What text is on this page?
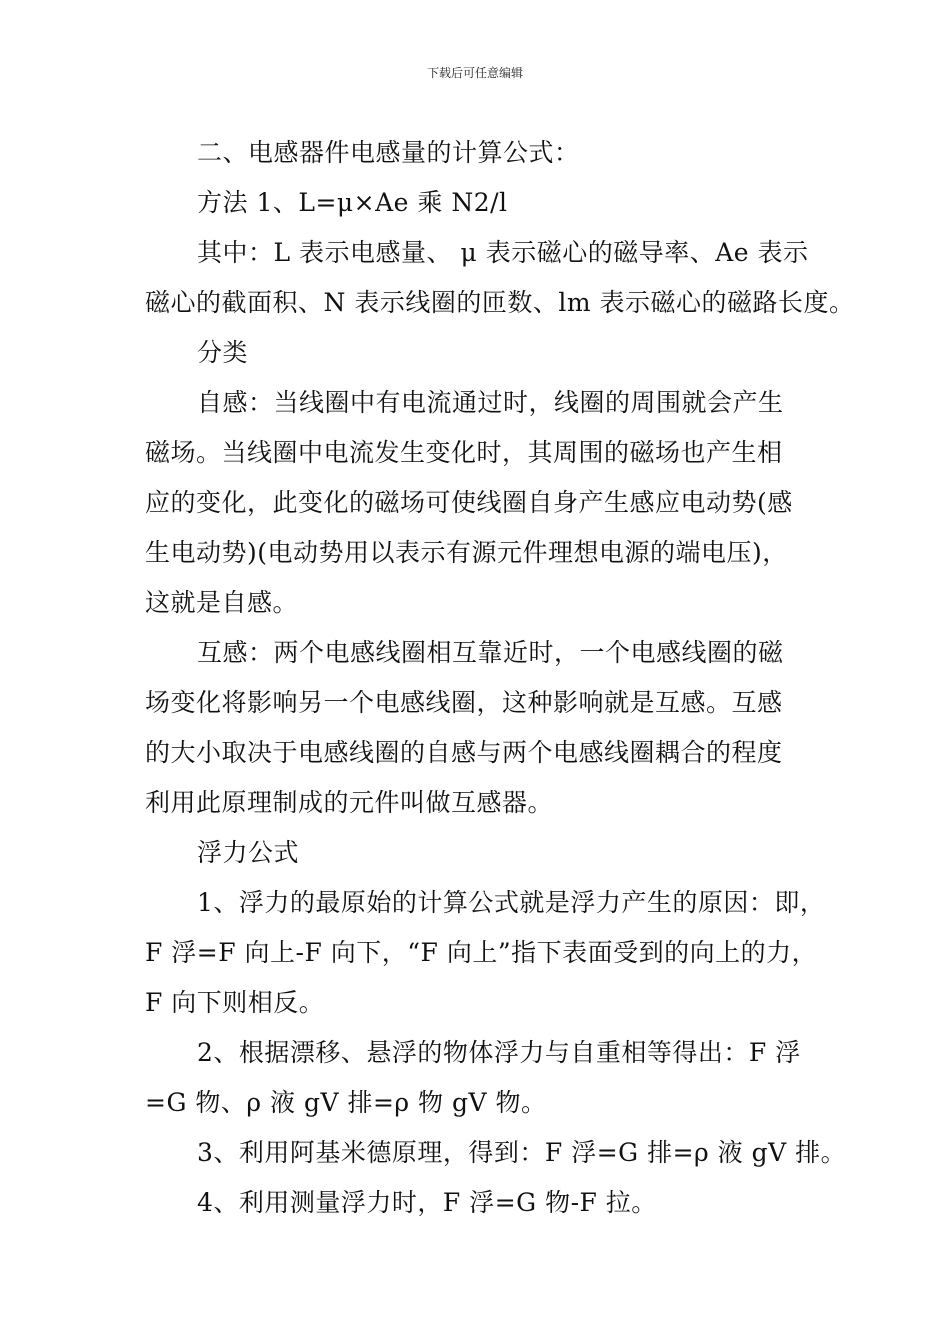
下载后可任意编辑

二、电感器件电感量的计算公式：

方法 1、L=μ×Ae 乘 N2/l

其中：L 表示电感量、 μ 表示磁心的磁导率、Ae 表示

磁心的截面积、N 表示线圈的匝数、lm 表示磁心的磁路长度。

分类

自感：当线圈中有电流通过时，线圈的周围就会产生

磁场。当线圈中电流发生变化时，其周围的磁场也产生相

应的变化，此变化的磁场可使线圈自身产生感应电动势(感

生电动势)(电动势用以表示有源元件理想电源的端电压)，

这就是自感。

互感：两个电感线圈相互靠近时，一个电感线圈的磁

场变化将影响另一个电感线圈，这种影响就是互感。互感

的大小取决于电感线圈的自感与两个电感线圈耦合的程度

利用此原理制成的元件叫做互感器。

浮力公式

1、浮力的最原始的计算公式就是浮力产生的原因：即，

F 浮=F 向上-F 向下，“F 向上”指下表面受到的向上的力，

F 向下则相反。

2、根据漂移、悬浮的物体浮力与自重相等得出：F 浮

=G 物、ρ 液 gV 排=ρ 物 gV 物。

3、利用阿基米德原理，得到：F 浮=G 排=ρ 液 gV 排。

4、利用测量浮力时，F 浮=G 物-F 拉。
